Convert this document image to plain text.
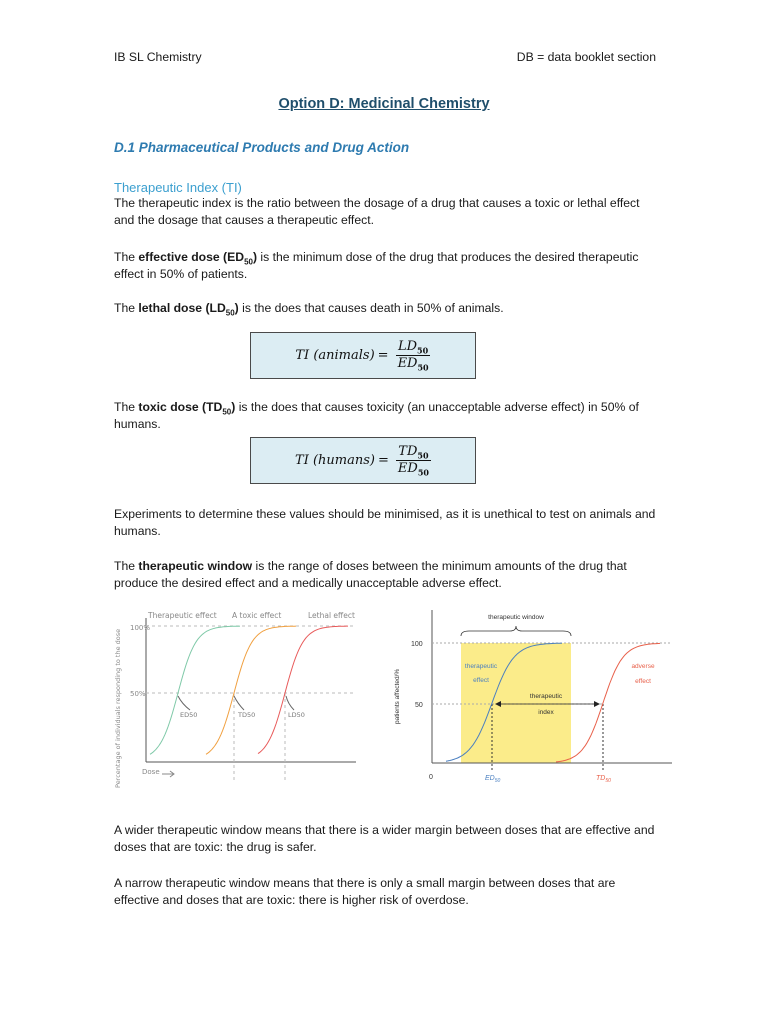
IB SL Chemistry	DB = data booklet section
Option D: Medicinal Chemistry
D.1 Pharmaceutical Products and Drug Action
Therapeutic Index (TI)

The therapeutic index is the ratio between the dosage of a drug that causes a toxic or lethal effect and the dosage that causes a therapeutic effect.

The effective dose $(ED_{50})$ is the minimum dose of the drug that produces the desired therapeutic effect in 50% of patients.

The lethal dose $(LD_{50})$ is the does that causes death in 50% of animals.

TI (animals) = $\frac{LD_{50}}{ED_{50}}$

The toxic dose $(TD_{50})$ is the does that causes toxicity (an unacceptable adverse effect) in 50% of humans.

TI (humans) = $\frac{TD_{50}}{ED_{50}}$

Experiments to determine these values should be minimised, as it is unethical to test on animals and humans.

The therapeutic window is the range of doses between the minimum amounts of the drug that produce the desired effect and a medically unacceptable adverse effect.

100%
50%
Percentage of individuals responding to the dose	Dose
Therapeutic effect A toxic effect	Lethal effect
ED50	TD50	LD50
100
50
0
patients affected/%
therapeutic window
therapeutic
effect
adverse
effect
therapeutic
index
$ED_{50}$	$TD_{50}$

A wider therapeutic window means that there is a wider margin between doses that are effective and doses that are toxic: the drug is safer.

A narrow therapeutic window means that there is only a small margin between doses that are effective and doses that are toxic: there is higher risk of overdose.
